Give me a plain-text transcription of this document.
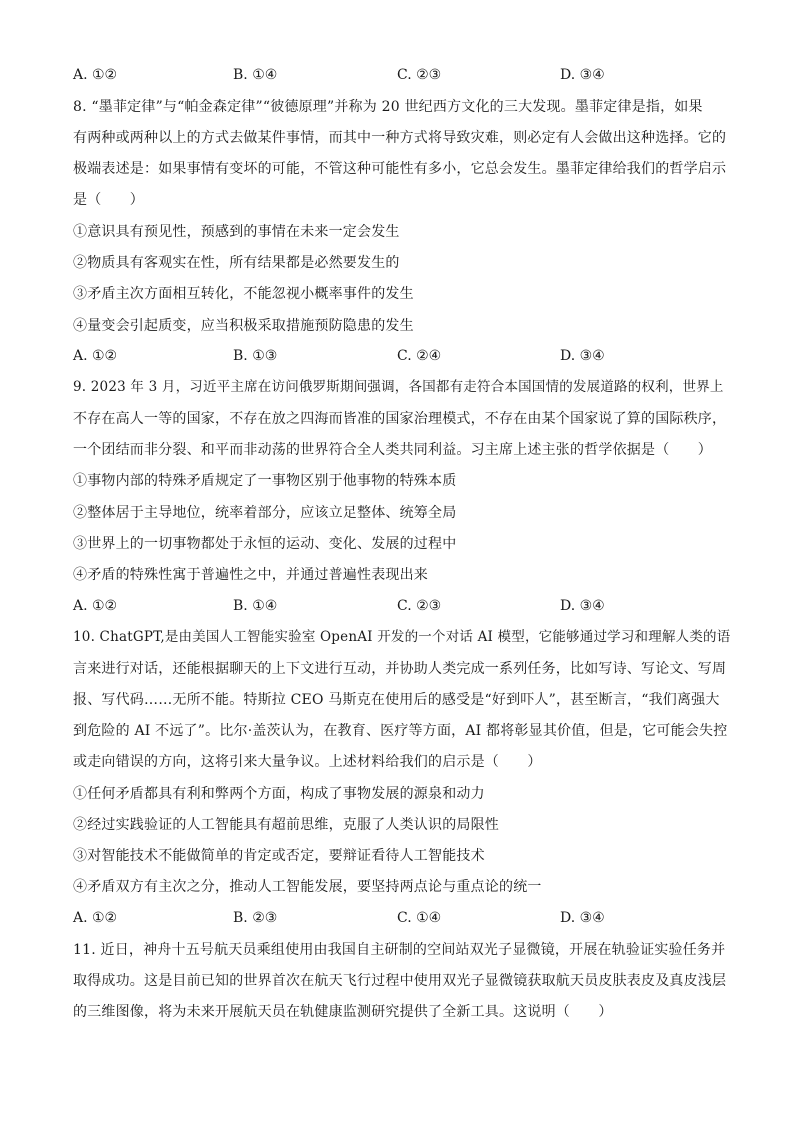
A. ①②	B. ①④	C. ②③	D. ③④
8. “墨菲定律”与“帕金森定律”“彼德原理”并称为 20 世纪西方文化的三大发现。墨菲定律是指，如果
有两种或两种以上的方式去做某件事情，而其中一种方式将导致灾难，则必定有人会做出这种选择。它的
极端表述是：如果事情有变坏的可能，不管这种可能性有多小，它总会发生。墨菲定律给我们的哲学启示
是（　　）
①意识具有预见性，预感到的事情在未来一定会发生
②物质具有客观实在性，所有结果都是必然要发生的
③矛盾主次方面相互转化，不能忽视小概率事件的发生
④量变会引起质变，应当积极采取措施预防隐患的发生
A. ①②	B. ①③	C. ②④	D. ③④
9. 2023 年 3 月，习近平主席在访问俄罗斯期间强调，各国都有走符合本国国情的发展道路的权利，世界上
不存在高人一等的国家，不存在放之四海而皆准的国家治理模式，不存在由某个国家说了算的国际秩序，
一个团结而非分裂、和平而非动荡的世界符合全人类共同利益。习主席上述主张的哲学依据是（　　）
①事物内部的特殊矛盾规定了一事物区别于他事物的特殊本质
②整体居于主导地位，统率着部分，应该立足整体、统筹全局
③世界上的一切事物都处于永恒的运动、变化、发展的过程中
④矛盾的特殊性寓于普遍性之中，并通过普遍性表现出来
A. ①②	B. ①④	C. ②③	D. ③④
10. ChatGPT,是由美国人工智能实验室 OpenAI 开发的一个对话 AI 模型，它能够通过学习和理解人类的语
言来进行对话，还能根据聊天的上下文进行互动，并协助人类完成一系列任务，比如写诗、写论文、写周
报、写代码……无所不能。特斯拉 CEO 马斯克在使用后的感受是“好到吓人”，甚至断言，“我们离强大
到危险的 AI 不远了”。比尔·盖茨认为，在教育、医疗等方面，AI 都将彰显其价值，但是，它可能会失控
或走向错误的方向，这将引来大量争议。上述材料给我们的启示是（　　）
①任何矛盾都具有利和弊两个方面，构成了事物发展的源泉和动力
②经过实践验证的人工智能具有超前思维，克服了人类认识的局限性
③对智能技术不能做简单的肯定或否定，要辩证看待人工智能技术
④矛盾双方有主次之分，推动人工智能发展，要坚持两点论与重点论的统一
A. ①②	B. ②③	C. ①④	D. ③④
11. 近日，神舟十五号航天员乘组使用由我国自主研制的空间站双光子显微镜，开展在轨验证实验任务并
取得成功。这是目前已知的世界首次在航天飞行过程中使用双光子显微镜获取航天员皮肤表皮及真皮浅层
的三维图像，将为未来开展航天员在轨健康监测研究提供了全新工具。这说明（　　）
